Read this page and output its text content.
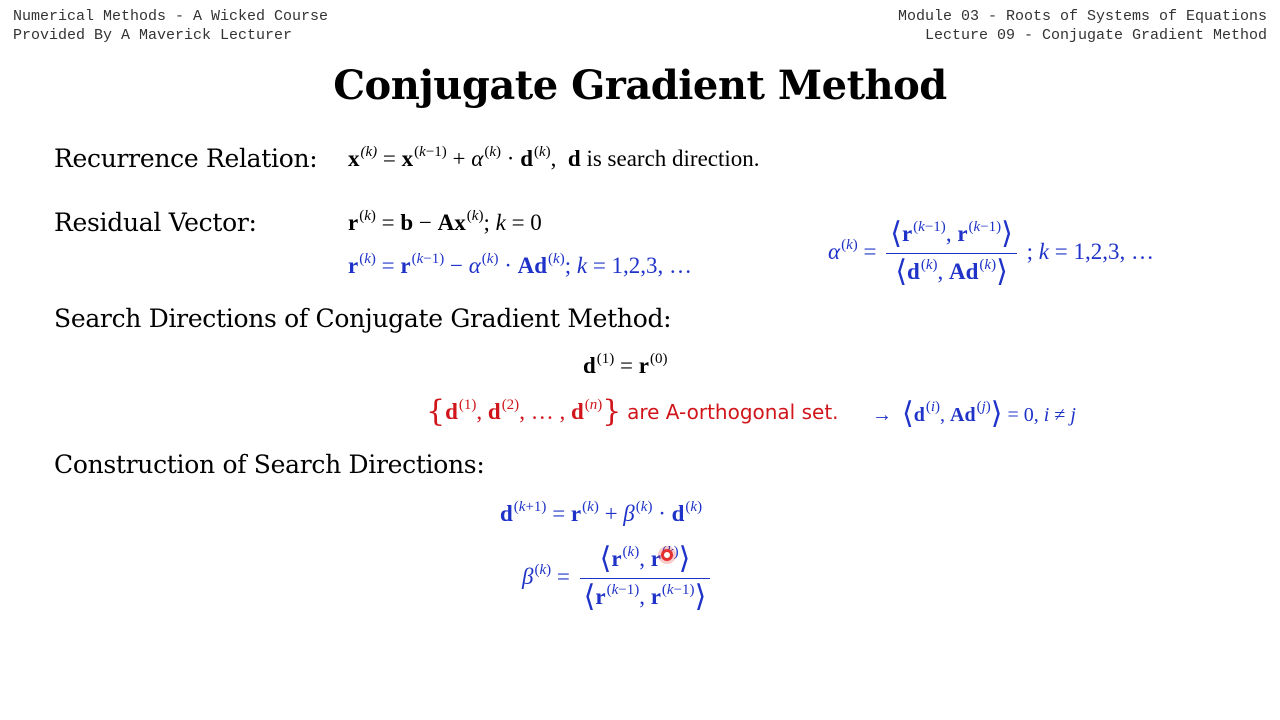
Numerical Methods - A Wicked Course
Provided By A Maverick Lecturer
Module 03 - Roots of Systems of Equations
Lecture 09 - Conjugate Gradient Method
Conjugate Gradient Method
Recurrence Relation: $x^{(k)} = x^{(k-1)} + \alpha^{(k)} \cdot d^{(k)}$,  d is search direction.
Residual Vector:	$r^{(k)} = b - Ax^{(k)}$; k = 0
$r^{(k)} = r^{(k-1)} - \alpha^{(k)} \cdot Ad^{(k)}$; k = 1,2,3, …
$\alpha^{(k)} = \frac{⟨r^{(k-1)}, r^{(k-1)}⟩}{⟨d^{(k)}, Ad^{(k)}⟩}$ ; k = 1,2,3, …
Search Directions of Conjugate Gradient Method:
$d^{(1)} = r^{(0)}$
{$d^{(1)}$, $d^{(2)}$, … , $d^{(n)}$} are A-orthogonal set. →  $⟨d^{(i)}$, $Ad^{(j)}⟩ = 0$, i ≠ j
Construction of Search Directions:
$d^{(k+1)} = r^{(k)} + \beta^{(k)} \cdot d^{(k)}$
$\beta^{(k)} = \frac{⟨r^{(k)}, r ^)⟩}{⟨r^{(k-1)}, r^{(k-1)}⟩}$
